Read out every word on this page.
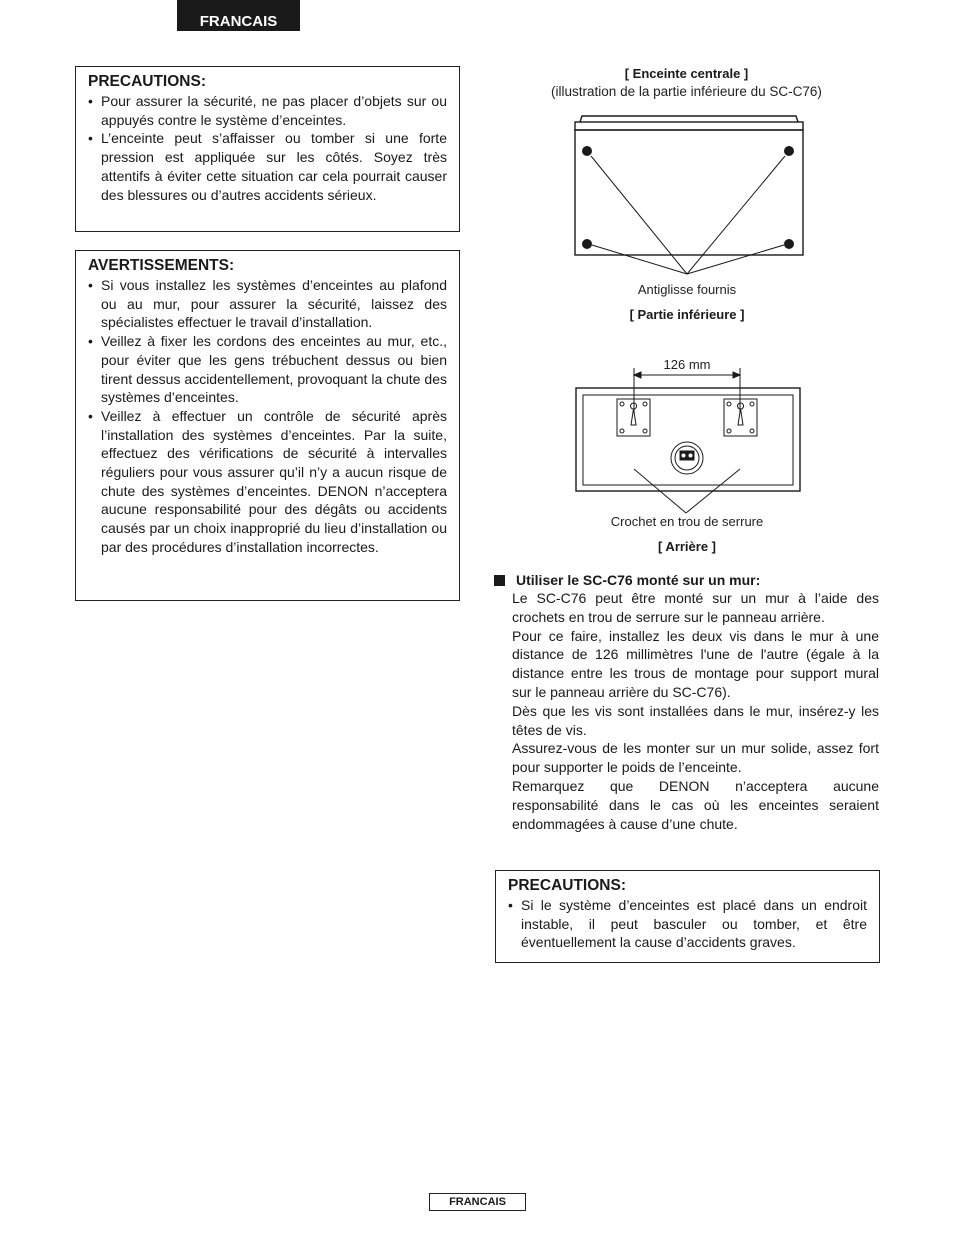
FRANCAIS
PRECAUTIONS:
• Pour assurer la sécurité, ne pas placer d’objets sur ou appuyés contre le système d’enceintes.
• L’enceinte peut s’affaisser ou tomber si une forte pression est appliquée sur les côtés. Soyez très attentifs à éviter cette situation car cela pourrait causer des blessures ou d’autres accidents sérieux.
AVERTISSEMENTS:
• Si vous installez les systèmes d’enceintes au plafond ou au mur, pour assurer la sécurité, laissez des spécialistes effectuer le travail d’installation.
• Veillez à fixer les cordons des enceintes au mur, etc., pour éviter que les gens trébuchent dessus ou bien tirent dessus accidentellement, provoquant la chute des systèmes d’enceintes.
• Veillez à effectuer un contrôle de sécurité après l’installation des systèmes d’enceintes. Par la suite, effectuez des vérifications de sécurité à intervalles réguliers pour vous assurer qu’il n’y a aucun risque de chute des systèmes d’enceintes. DENON n’acceptera aucune responsabilité pour des dégâts ou accidents causés par un choix inapproprié du lieu d’installation ou par des procédures d’installation incorrectes.
[ Enceinte centrale ]
(illustration de la partie inférieure du SC-C76)
Antiglisse fournis
[ Partie inférieure ]
126 mm
Crochet en trou de serrure
[ Arrière ]
Utiliser le SC-C76 monté sur un mur:

Le SC-C76 peut être monté sur un mur à l’aide des crochets en trou de serrure sur le panneau arrière.

Pour ce faire, installez les deux vis dans le mur à une distance de 126 millimètres l'une de l'autre (égale à la distance entre les trous de montage pour support mural sur le panneau arrière du SC-C76).

Dès que les vis sont installées dans le mur, insérez-y les têtes de vis.

Assurez-vous de les monter sur un mur solide, assez fort pour supporter le poids de l’enceinte.

Remarquez que DENON n’acceptera aucune responsabilité dans le cas où les enceintes seraient endommagées à cause d’une chute.

PRECAUTIONS:
• Si le système d’enceintes est placé dans un endroit instable, il peut basculer ou tomber, et être éventuellement la cause d’accidents graves.
FRANCAIS
